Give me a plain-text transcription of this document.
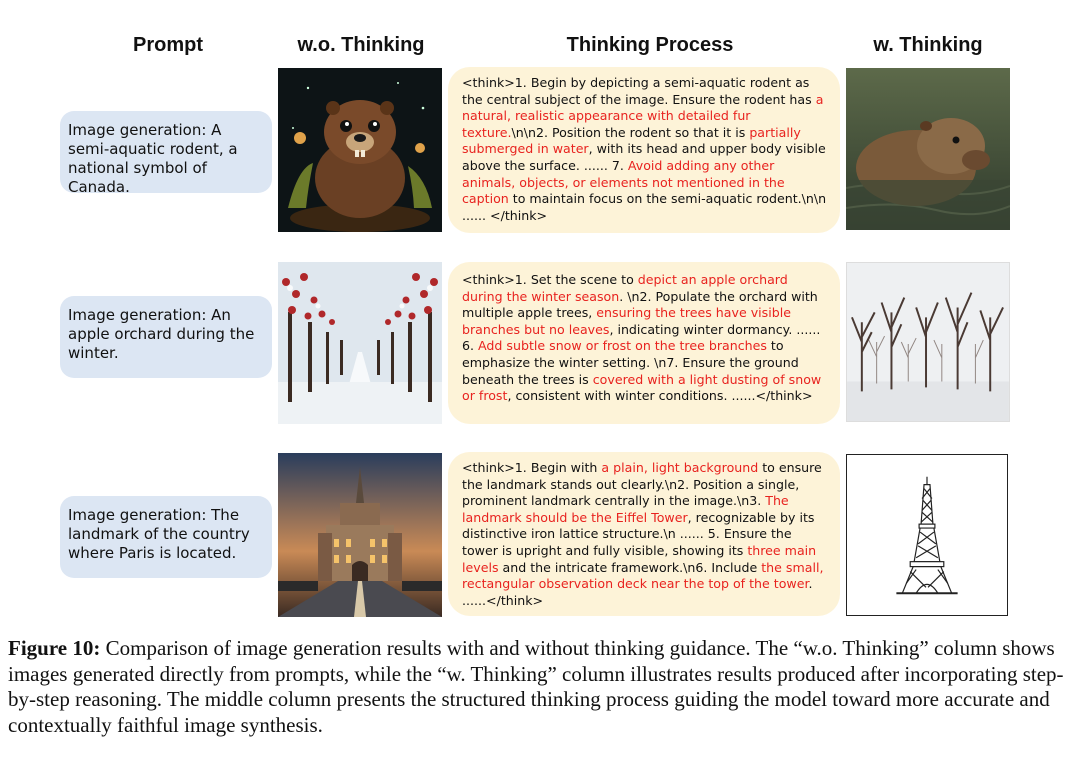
Prompt	w.o. Thinking	Thinking Process	w. Thinking
Image generation: A semi-aquatic rodent, a national symbol of Canada.
<think>1. Begin by depicting a semi-aquatic rodent as the central subject of the image. Ensure the rodent has a natural, realistic appearance with detailed fur texture.\n\n2. Position the rodent so that it is partially submerged in water, with its head and upper body visible above the surface. ...... 7. Avoid adding any other animals, objects, or elements not mentioned in the caption to maintain focus on the semi-aquatic rodent.\n\n ...... </think>
Image generation: An apple orchard during the winter.
<think>1. Set the scene to depict an apple orchard during the winter season. \n2. Populate the orchard with multiple apple trees, ensuring the trees have visible branches but no leaves, indicating winter dormancy. ...... 6. Add subtle snow or frost on the tree branches to emphasize the winter setting. \n7. Ensure the ground beneath the trees is covered with a light dusting of snow or frost, consistent with winter conditions. ......</think>
Image generation: The landmark of the country where Paris is located.
<think>1. Begin with a plain, light background to ensure the landmark stands out clearly.\n2. Position a single, prominent landmark centrally in the image.\n3. The landmark should be the Eiffel Tower, recognizable by its distinctive iron lattice structure.\n ...... 5. Ensure the tower is upright and fully visible, showing its three main levels and the intricate framework.\n6. Include the small, rectangular observation deck near the top of the tower. ......</think>
Figure 10: Comparison of image generation results with and without thinking guidance. The “w.o. Thinking” column shows images generated directly from prompts, while the “w. Thinking” column illustrates results produced after incorporating step-by-step reasoning. The middle column presents the structured thinking process guiding the model toward more accurate and contextually faithful image synthesis.
